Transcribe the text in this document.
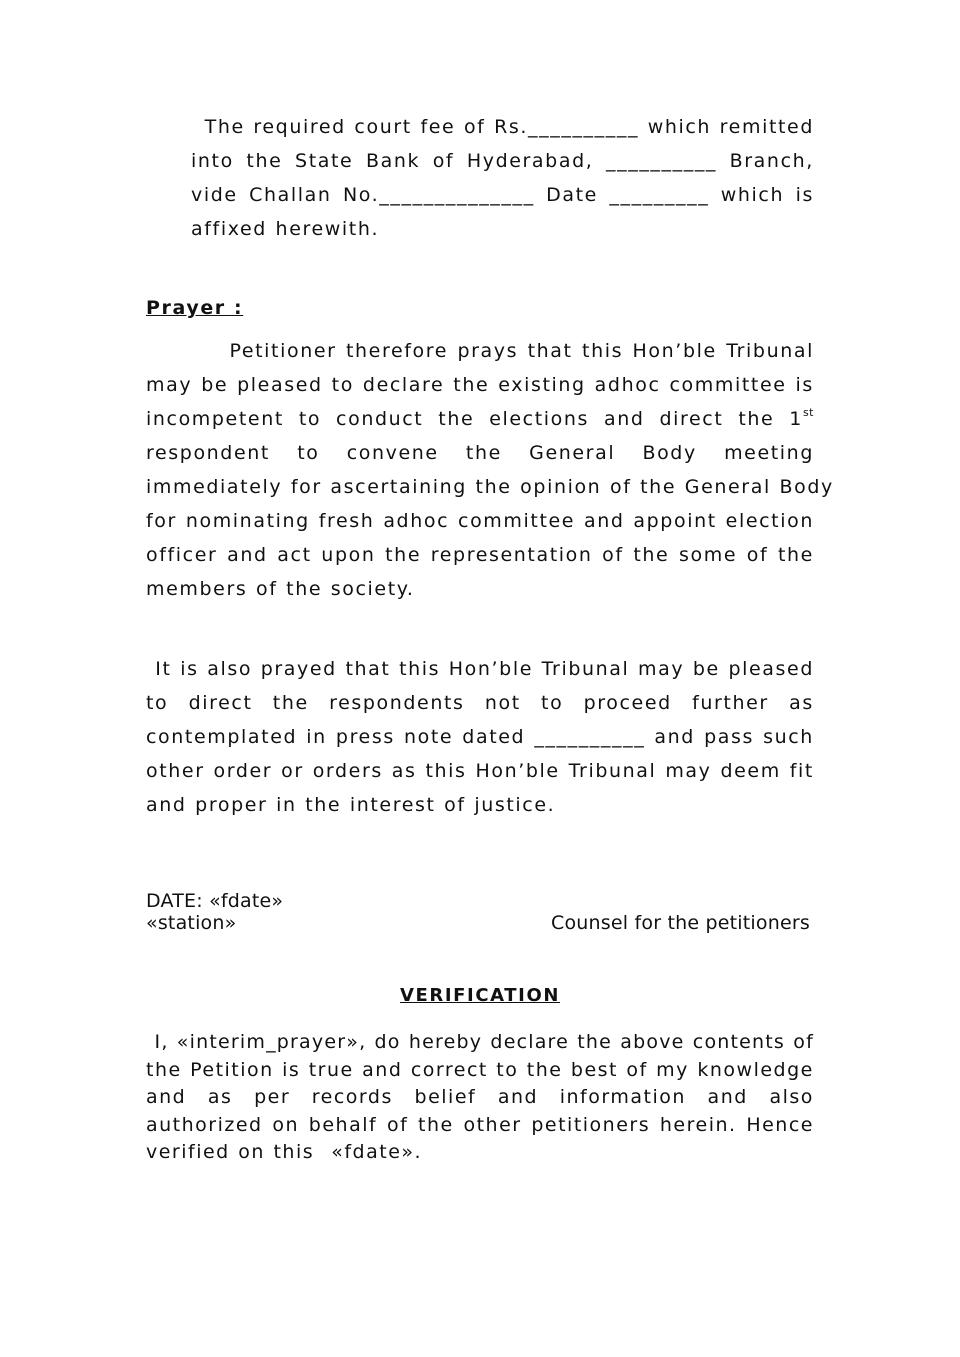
The required court fee of Rs.__________ which remitted
into the State Bank of Hyderabad, __________ Branch,
vide Challan No.______________ Date _________ which is
affixed herewith.
Prayer :
Petitioner therefore prays that this Hon’ble Tribunal
may be pleased to declare the existing adhoc committee is
incompetent to conduct the elections and direct the 1st
respondent to convene the General Body meeting
immediately for ascertaining the opinion of the General Body
for nominating fresh adhoc committee and appoint election
officer and act upon the representation of the some of the
members of the society.
It is also prayed that this Hon’ble Tribunal may be pleased
to direct the respondents not to proceed further as
contemplated in press note dated __________ and pass such
other order or orders as this Hon’ble Tribunal may deem fit
and proper in the interest of justice.
DATE: «fdate»
«station»	Counsel for the petitioners
VERIFICATION
I, «interim_prayer», do hereby declare the above contents of
the Petition is true and correct to the best of my knowledge
and as per records belief and information and also
authorized on behalf of the other petitioners herein. Hence
verified on this  «fdate».
